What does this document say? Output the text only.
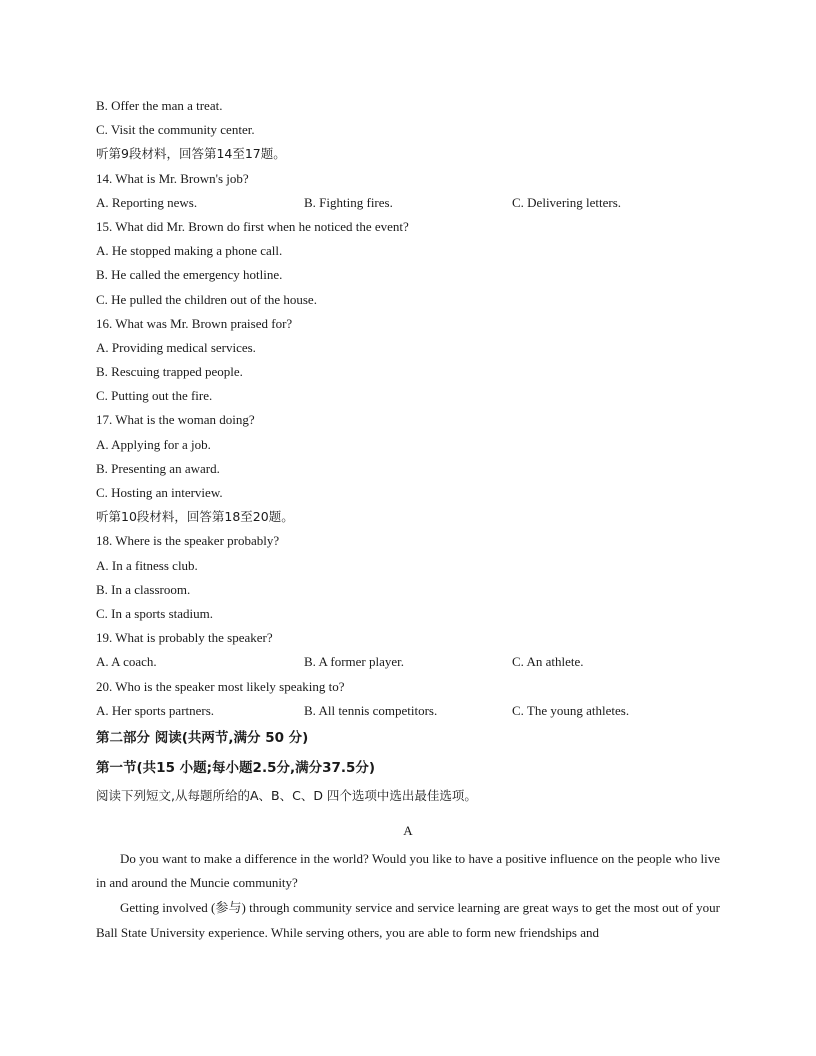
B. Offer the man a treat.
C. Visit the community center.
听第9段材料，回答第14至17题。
14. What is Mr. Brown's job?
A. Reporting news.	B. Fighting fires.	C. Delivering letters.
15. What did Mr. Brown do first when he noticed the event?
A. He stopped making a phone call.
B. He called the emergency hotline.
C. He pulled the children out of the house.
16. What was Mr. Brown praised for?
A. Providing medical services.
B. Rescuing trapped people.
C. Putting out the fire.
17. What is the woman doing?
A. Applying for a job.
B. Presenting an award.
C. Hosting an interview.
听第10段材料，回答第18至20题。
18. Where is the speaker probably?
A. In a fitness club.
B. In a classroom.
C. In a sports stadium.
19. What is probably the speaker?
A. A coach.	B. A former player.	C. An athlete.
20. Who is the speaker most likely speaking to?
A. Her sports partners.	B. All tennis competitors.	C. The young athletes.
第二部分 阅读(共两节,满分 50 分)
第一节(共15 小题;每小题2.5分,满分37.5分)
阅读下列短文,从每题所给的A、B、C、D 四个选项中选出最佳选项。
A
Do you want to make a difference in the world? Would you like to have a positive influence on the people who live in and around the Muncie community?
Getting involved (参与) through community service and service learning are great ways to get the most out of your Ball State University experience. While serving others, you are able to form new friendships and
